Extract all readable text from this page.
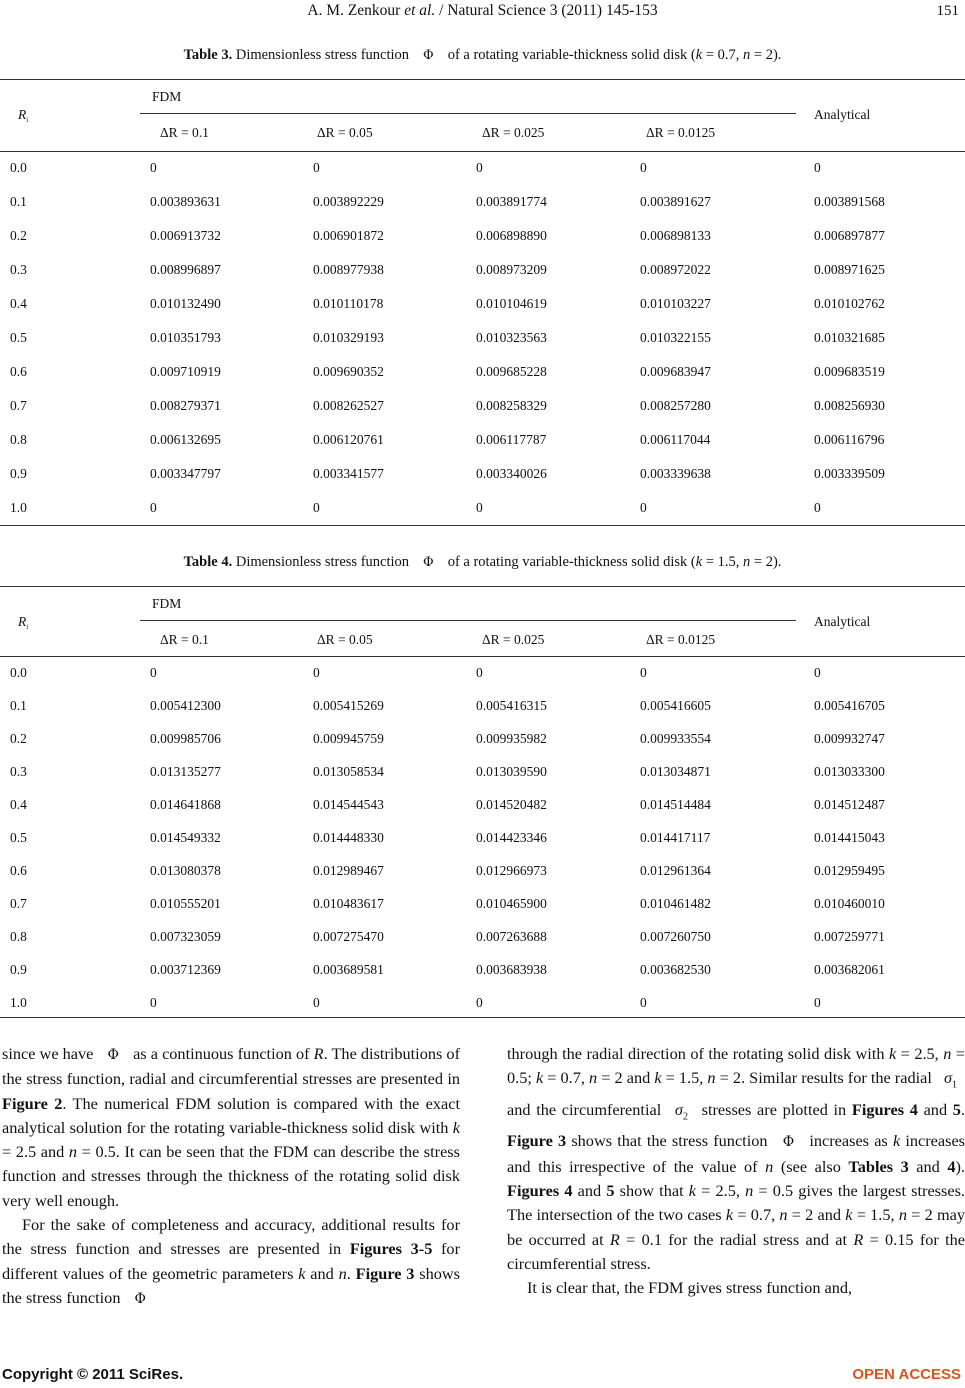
A. M. Zenkour et al. / Natural Science 3 (2011) 145-153	151
Table 3. Dimensionless stress function Φ of a rotating variable-thickness solid disk (k = 0.7, n = 2).
$R_i$
FDM
Analytical
ΔR = 0.1	ΔR = 0.05	ΔR = 0.025	ΔR = 0.0125
0.0	0	0	0	0	0
0.1	0.003893631	0.003892229	0.003891774	0.003891627	0.003891568
0.2	0.006913732	0.006901872	0.006898890	0.006898133	0.006897877
0.3	0.008996897	0.008977938	0.008973209	0.008972022	0.008971625
0.4	0.010132490	0.010110178	0.010104619	0.010103227	0.010102762
0.5	0.010351793	0.010329193	0.010323563	0.010322155	0.010321685
0.6	0.009710919	0.009690352	0.009685228	0.009683947	0.009683519
0.7	0.008279371	0.008262527	0.008258329	0.008257280	0.008256930
0.8	0.006132695	0.006120761	0.006117787	0.006117044	0.006116796
0.9	0.003347797	0.003341577	0.003340026	0.003339638	0.003339509
1.0	0	0	0	0	0
Table 4. Dimensionless stress function Φ of a rotating variable-thickness solid disk (k = 1.5, n = 2).
$R_i$
FDM
Analytical
ΔR = 0.1	ΔR = 0.05	ΔR = 0.025	ΔR = 0.0125
0.0	0	0	0	0	0
0.1	0.005412300	0.005415269	0.005416315	0.005416605	0.005416705
0.2	0.009985706	0.009945759	0.009935982	0.009933554	0.009932747
0.3	0.013135277	0.013058534	0.013039590	0.013034871	0.013033300
0.4	0.014641868	0.014544543	0.014520482	0.014514484	0.014512487
0.5	0.014549332	0.014448330	0.014423346	0.014417117	0.014415043
0.6	0.013080378	0.012989467	0.012966973	0.012961364	0.012959495
0.7	0.010555201	0.010483617	0.010465900	0.010461482	0.010460010
0.8	0.007323059	0.007275470	0.007263688	0.007260750	0.007259771
0.9	0.003712369	0.003689581	0.003683938	0.003682530	0.003682061
1.0	0	0	0	0	0

since we have Φ as a continuous function of R. The distributions of the stress function, radial and circumferential stresses are presented in Figure 2. The numerical FDM solution is compared with the exact analytical solution for the rotating variable-thickness solid disk with k = 2.5 and n = 0.5. It can be seen that the FDM can describe the stress function and stresses through the thickness of the rotating solid disk very well enough.

For the sake of completeness and accuracy, additional results for the stress function and stresses are presented in Figures 3-5 for different values of the geometric parameters k and n. Figure 3 shows the stress function Φ

through the radial direction of the rotating solid disk with k = 2.5, n = 0.5; k = 0.7, n = 2 and k = 1.5, n = 2. Similar results for the radial $\sigma_1$ and the circumferential $\sigma_2$ stresses are plotted in Figures 4 and 5. Figure 3 shows that the stress function Φ increases as k increases and this irrespective of the value of n (see also Tables 3 and 4). Figures 4 and 5 show that k = 2.5, n = 0.5 gives the largest stresses. The intersection of the two cases k = 0.7, n = 2 and k = 1.5, n = 2 may be occurred at R = 0.1 for the radial stress and at R = 0.15 for the circumferential stress.

It is clear that, the FDM gives stress function and,

Copyright © 2011 SciRes.	OPEN ACCESS
